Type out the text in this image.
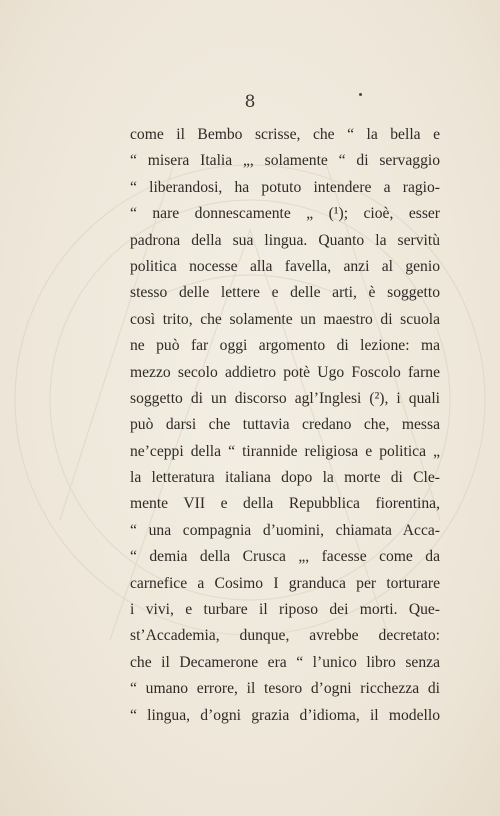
8
come il Bembo scrisse, che “ la bella e
“ misera Italia „, solamente “ di servaggio
“ liberandosi, ha potuto intendere a ragio-
“ nare donnescamente „ (¹); cioè, esser
padrona della sua lingua. Quanto la servitù
politica nocesse alla favella, anzi al genio
stesso delle lettere e delle arti, è soggetto
così trito, che solamente un maestro di scuola
ne può far oggi argomento di lezione: ma
mezzo secolo addietro potè Ugo Foscolo farne
soggetto di un discorso agl’Inglesi (²), i quali
può darsi che tuttavia credano che, messa
ne’ceppi della “ tirannide religiosa e politica „
la letteratura italiana dopo la morte di Cle-
mente VII e della Repubblica fiorentina,
“ una compagnia d’uomini, chiamata Acca-
“ demia della Crusca „, facesse come da
carnefice a Cosimo I granduca per torturare
i vivi, e turbare il riposo dei morti. Que-
st’Accademia, dunque, avrebbe decretato:
che il Decamerone era “ l’unico libro senza
“ umano errore, il tesoro d’ogni ricchezza di
“ lingua, d’ogni grazia d’idioma, il modello
